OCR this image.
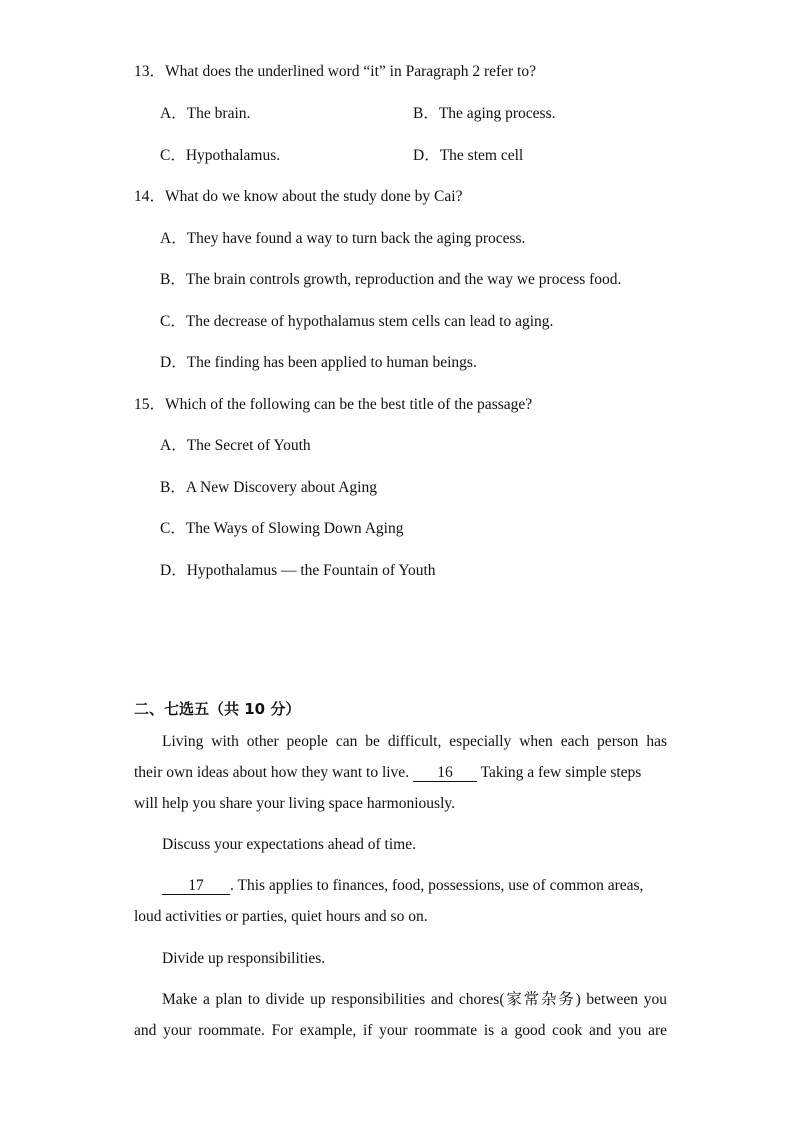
13．What does the underlined word “it” in Paragraph 2 refer to?
A．The brain.	B．The aging process.
C．Hypothalamus.	D．The stem cell
14．What do we know about the study done by Cai?
A．They have found a way to turn back the aging process.
B．The brain controls growth, reproduction and the way we process food.
C．The decrease of hypothalamus stem cells can lead to aging.
D．The finding has been applied to human beings.
15．Which of the following can be the best title of the passage?
A．The Secret of Youth
B．A New Discovery about Aging
C．The Ways of Slowing Down Aging
D．Hypothalamus — the Fountain of Youth
二、七选五（共 10 分）
Living with other people can be difficult, especially when each person has
their own ideas about how they want to live. 16 Taking a few simple steps
will help you share your living space harmoniously.
Discuss your expectations ahead of time.
17 . This applies to finances, food, possessions, use of common areas,
loud activities or parties, quiet hours and so on.
Divide up responsibilities.
Make a plan to divide up responsibilities and chores(家常杂务) between you
and your roommate. For example, if your roommate is a good cook and you are
